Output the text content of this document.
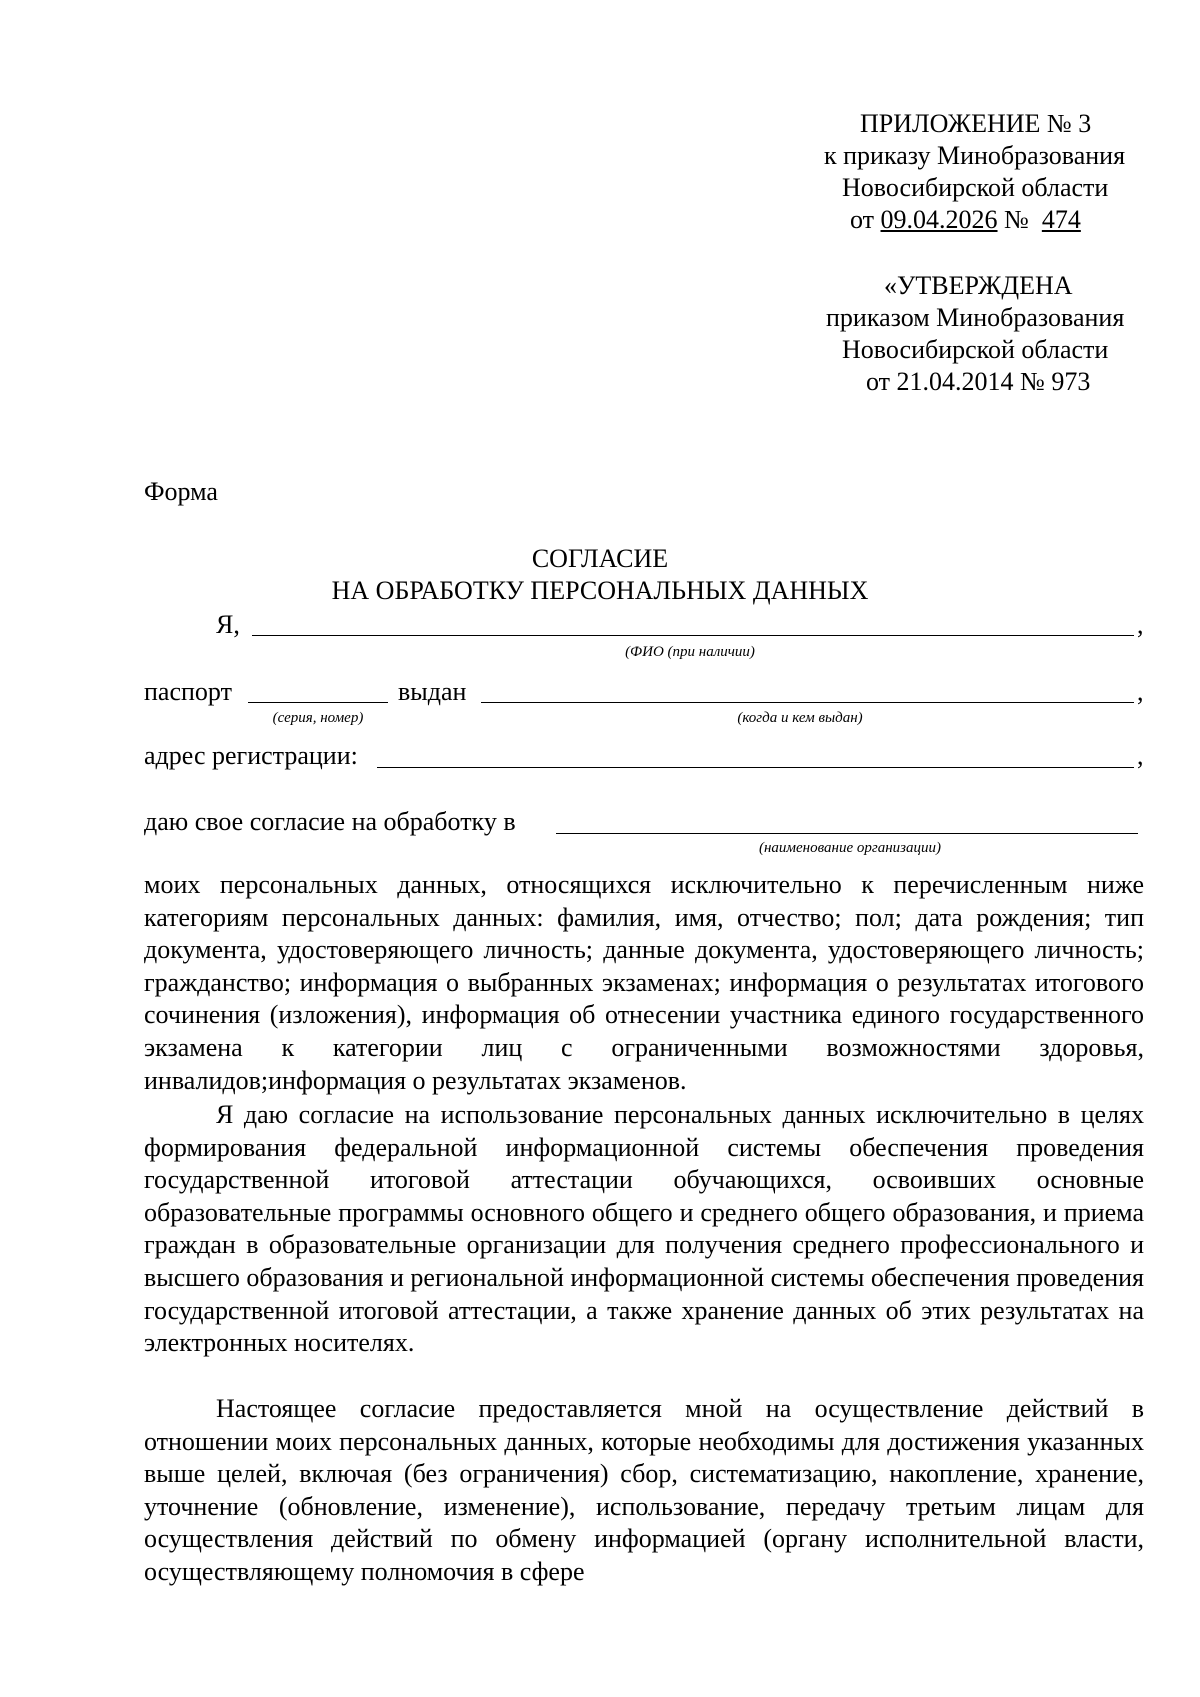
ПРИЛОЖЕНИЕ № 3
к приказу Минобразования
Новосибирской области
от 09.04.2026 № 474
«УТВЕРЖДЕНА
приказом Минобразования
Новосибирской области
от 21.04.2014 № 973
Форма
СОГЛАСИЕ
НА ОБРАБОТКУ ПЕРСОНАЛЬНЫХ ДАННЫХ
Я,	,
(ФИО (при наличии)
паспорт	выдан	,
(серия, номер)	(когда и кем выдан)
адрес регистрации:	,
даю свое согласие на обработку в
(наименование организации)

моих персональных данных, относящихся исключительно к перечисленным ниже категориям персональных данных: фамилия, имя, отчество; пол; дата рождения; тип документа, удостоверяющего личность; данные документа, удостоверяющего личность; гражданство; информация о выбранных экзаменах; информация о результатах итогового сочинения (изложения), информация об отнесении участника единого государственного экзамена к категории лиц с ограниченными возможностями здоровья, инвалидов;информация о результатах экзаменов.

Я даю согласие на использование персональных данных исключительно в целях формирования федеральной информационной системы обеспечения проведения государственной итоговой аттестации обучающихся, освоивших основные образовательные программы основного общего и среднего общего образования, и приема граждан в образовательные организации для получения среднего профессионального и высшего образования и региональной информационной системы обеспечения проведения государственной итоговой аттестации, а также хранение данных об этих результатах на электронных носителях.

Настоящее согласие предоставляется мной на осуществление действий в отношении моих персональных данных, которые необходимы для достижения указанных выше целей, включая (без ограничения) сбор, систематизацию, накопление, хранение, уточнение (обновление, изменение), использование, передачу третьим лицам для осуществления действий по обмену информацией (органу исполнительной власти, осуществляющему полномочия в сфере
